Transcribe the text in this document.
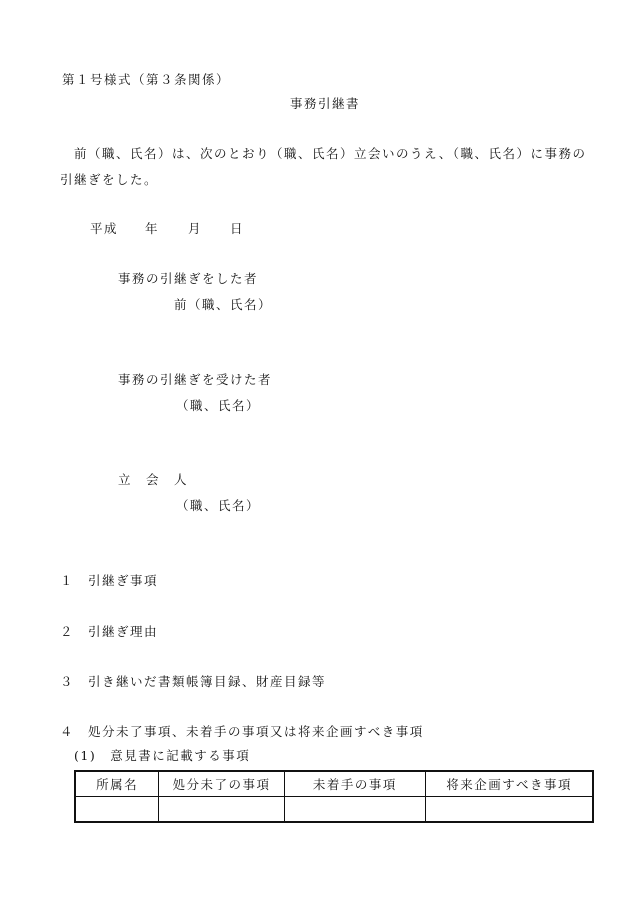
第１号様式（第３条関係）
事務引継書
前（職、氏名）は、次のとおり（職、氏名）立会いのうえ、（職、氏名）に事務の
引継ぎをした。
平成 年 月 日
事務の引継ぎをした者
前（職、氏名）
事務の引継ぎを受けた者
（職、氏名）
立　会　人
（職、氏名）
１ 引継ぎ事項
２ 引継ぎ理由
３ 引き継いだ書類帳簿目録、財産目録等
４ 処分未了事項、未着手の事項又は将来企画すべき事項
(1)　意見書に記載する事項
所属名	処分未了の事項	未着手の事項	将来企画すべき事項
